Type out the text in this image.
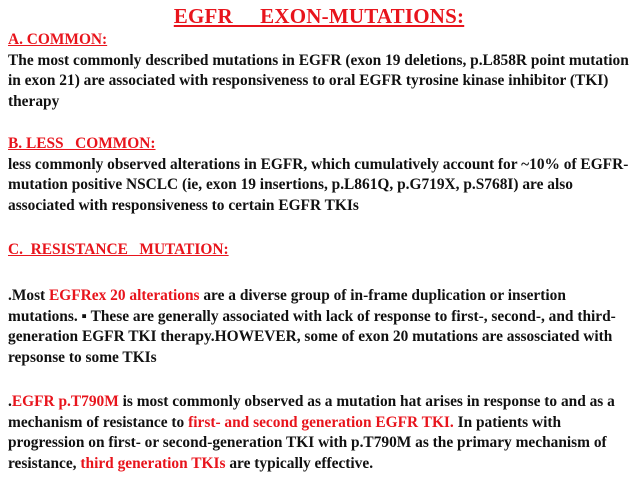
EGFR     EXON-MUTATIONS:
A. COMMON:

The most commonly described mutations in EGFR (exon 19 deletions, p.L858R point mutation in exon 21) are associated with responsiveness to oral EGFR tyrosine kinase inhibitor (TKI) therapy

B. LESS   COMMON:

less commonly observed alterations in EGFR, which cumulatively account for ~10% of EGFR-mutation positive NSCLC (ie, exon 19 insertions, p.L861Q, p.G719X, p.S768I) are also associated with responsiveness to certain EGFR TKIs

C.  RESISTANCE   MUTATION:

.Most EGFRex 20 alterations are a diverse group of in-frame duplication or insertion mutations. ▪ These are generally associated with lack of response to first-, second-, and third-generation EGFR TKI therapy.HOWEVER, some of exon 20 mutations are assosciated with repsonse to some TKIs

.EGFR p.T790M is most commonly observed as a mutation hat arises in response to and as a mechanism of resistance to first- and second generation EGFR TKI. In patients with progression on first- or second-generation TKI with p.T790M as the primary mechanism of resistance, third generation TKIs are typically effective.
